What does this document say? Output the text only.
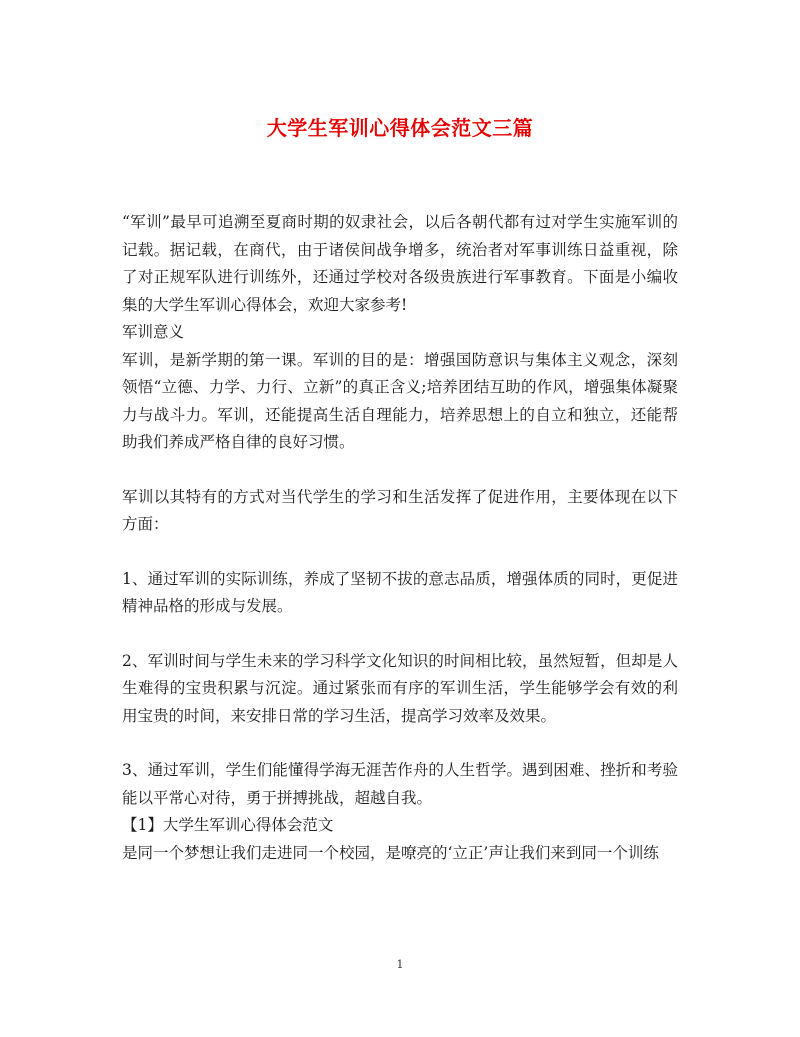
大学生军训心得体会范文三篇

“军训”最早可追溯至夏商时期的奴隶社会，以后各朝代都有过对学生实施军训的记载。据记载，在商代，由于诸侯间战争增多，统治者对军事训练日益重视，除了对正规军队进行训练外，还通过学校对各级贵族进行军事教育。下面是小编收集的大学生军训心得体会，欢迎大家参考!

军训意义

军训，是新学期的第一课。军训的目的是：增强国防意识与集体主义观念，深刻领悟“立德、力学、力行、立新”的真正含义;培养团结互助的作风，增强集体凝聚力与战斗力。军训，还能提高生活自理能力，培养思想上的自立和独立，还能帮助我们养成严格自律的良好习惯。

军训以其特有的方式对当代学生的学习和生活发挥了促进作用，主要体现在以下方面：

1、通过军训的实际训练，养成了坚韧不拔的意志品质，增强体质的同时，更促进精神品格的形成与发展。

2、军训时间与学生未来的学习科学文化知识的时间相比较，虽然短暂，但却是人生难得的宝贵积累与沉淀。通过紧张而有序的军训生活，学生能够学会有效的利用宝贵的时间，来安排日常的学习生活，提高学习效率及效果。

3、通过军训，学生们能懂得学海无涯苦作舟的人生哲学。遇到困难、挫折和考验能以平常心对待，勇于拼搏挑战，超越自我。

【1】大学生军训心得体会范文

是同一个梦想让我们走进同一个校园，是嘹亮的‘立正’声让我们来到同一个训练

1
